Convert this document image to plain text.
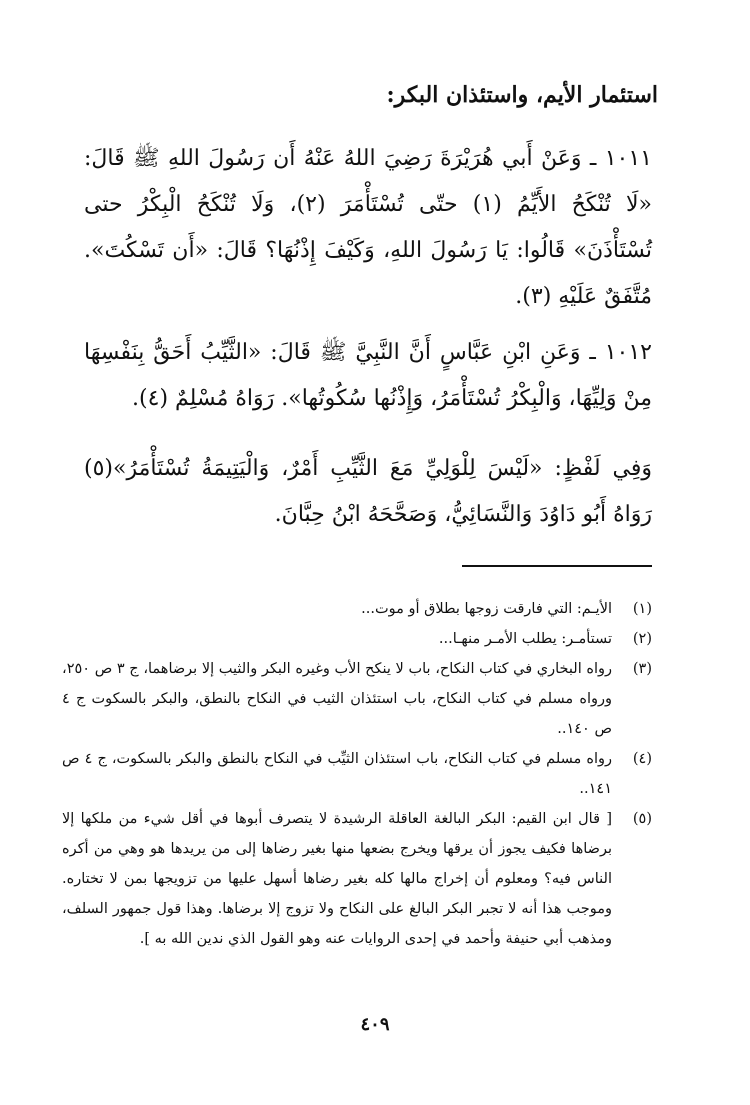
استئمار الأيم، واستئذان البكر:
١٠١١ ـ وَعَنْ أَبي هُرَيْرَةَ رَضِيَ اللهُ عَنْهُ أَن رَسُولَ اللهِ ﷺ قَالَ: «لَا تُنْكَحُ الأَيِّمُ (١) حتّى تُسْتَأْمَرَ (٢)، وَلَا تُنْكَحُ الْبِكْرُ حتى تُسْتَأْذَنَ» قَالُوا: يَا رَسُولَ اللهِ، وَكَيْفَ إِذْنُهَا؟ قَالَ: «أَن تَسْكُتَ». مُتَّفَقٌ عَلَيْهِ (٣).
١٠١٢ ـ وَعَنِ ابْنِ عَبَّاسٍ أَنَّ النَّبِيَّ ﷺ قَالَ: «الثَّيِّبُ أَحَقُّ بِنَفْسِهَا مِنْ وَلِيِّهَا، وَالْبِكْرُ تُسْتَأْمَرُ، وَإِذْنُها سُكُوتُها». رَوَاهُ مُسْلِمٌ (٤).
وَفِي لَفْظٍ: «لَيْسَ لِلْوَلِيِّ مَعَ الثَّيِّبِ أَمْرٌ، وَالْيَتِيمَةُ تُسْتَأْمَرُ»(٥) رَوَاهُ أَبُو دَاوُدَ وَالنَّسَائِيُّ، وَصَحَّحَهُ ابْنُ حِبَّانَ.
(١)
الأيـم: التي فارقت زوجها بطلاق أو موت...
(٢)
تستأمـر: يطلب الأمـر منهـا...
(٣)
رواه البخاري في كتاب النكاح، باب لا ينكح الأب وغيره البكر والثيب إلا برضاهما، ج ٣ ص ٢٥٠، ورواه مسلم في كتاب النكاح، باب استئذان الثيب في النكاح بالنطق، والبكر بالسكوت ج ٤ ص ١٤٠..
(٤)
رواه مسلم في كتاب النكاح، باب استئذان الثيِّب في النكاح بالنطق والبكر بالسكوت، ج ٤ ص ١٤١..
(٥)
[ قال ابن القيم: البكر البالغة العاقلة الرشيدة لا يتصرف أبوها في أقل شيء من ملكها إلا برضاها فكيف يجوز أن يرقها ويخرج بضعها منها بغير رضاها إلى من يريدها هو وهي من أكره الناس فيه؟ ومعلوم أن إخراج مالها كله بغير رضاها أسهل عليها من تزويجها بمن لا تختاره. وموجب هذا أنه لا تجبر البكر البالغ على النكاح ولا تزوج إلا برضاها. وهذا قول جمهور السلف، ومذهب أبي حنيفة وأحمد في إحدى الروايات عنه وهو القول الذي ندين الله به ].
٤٠٩
